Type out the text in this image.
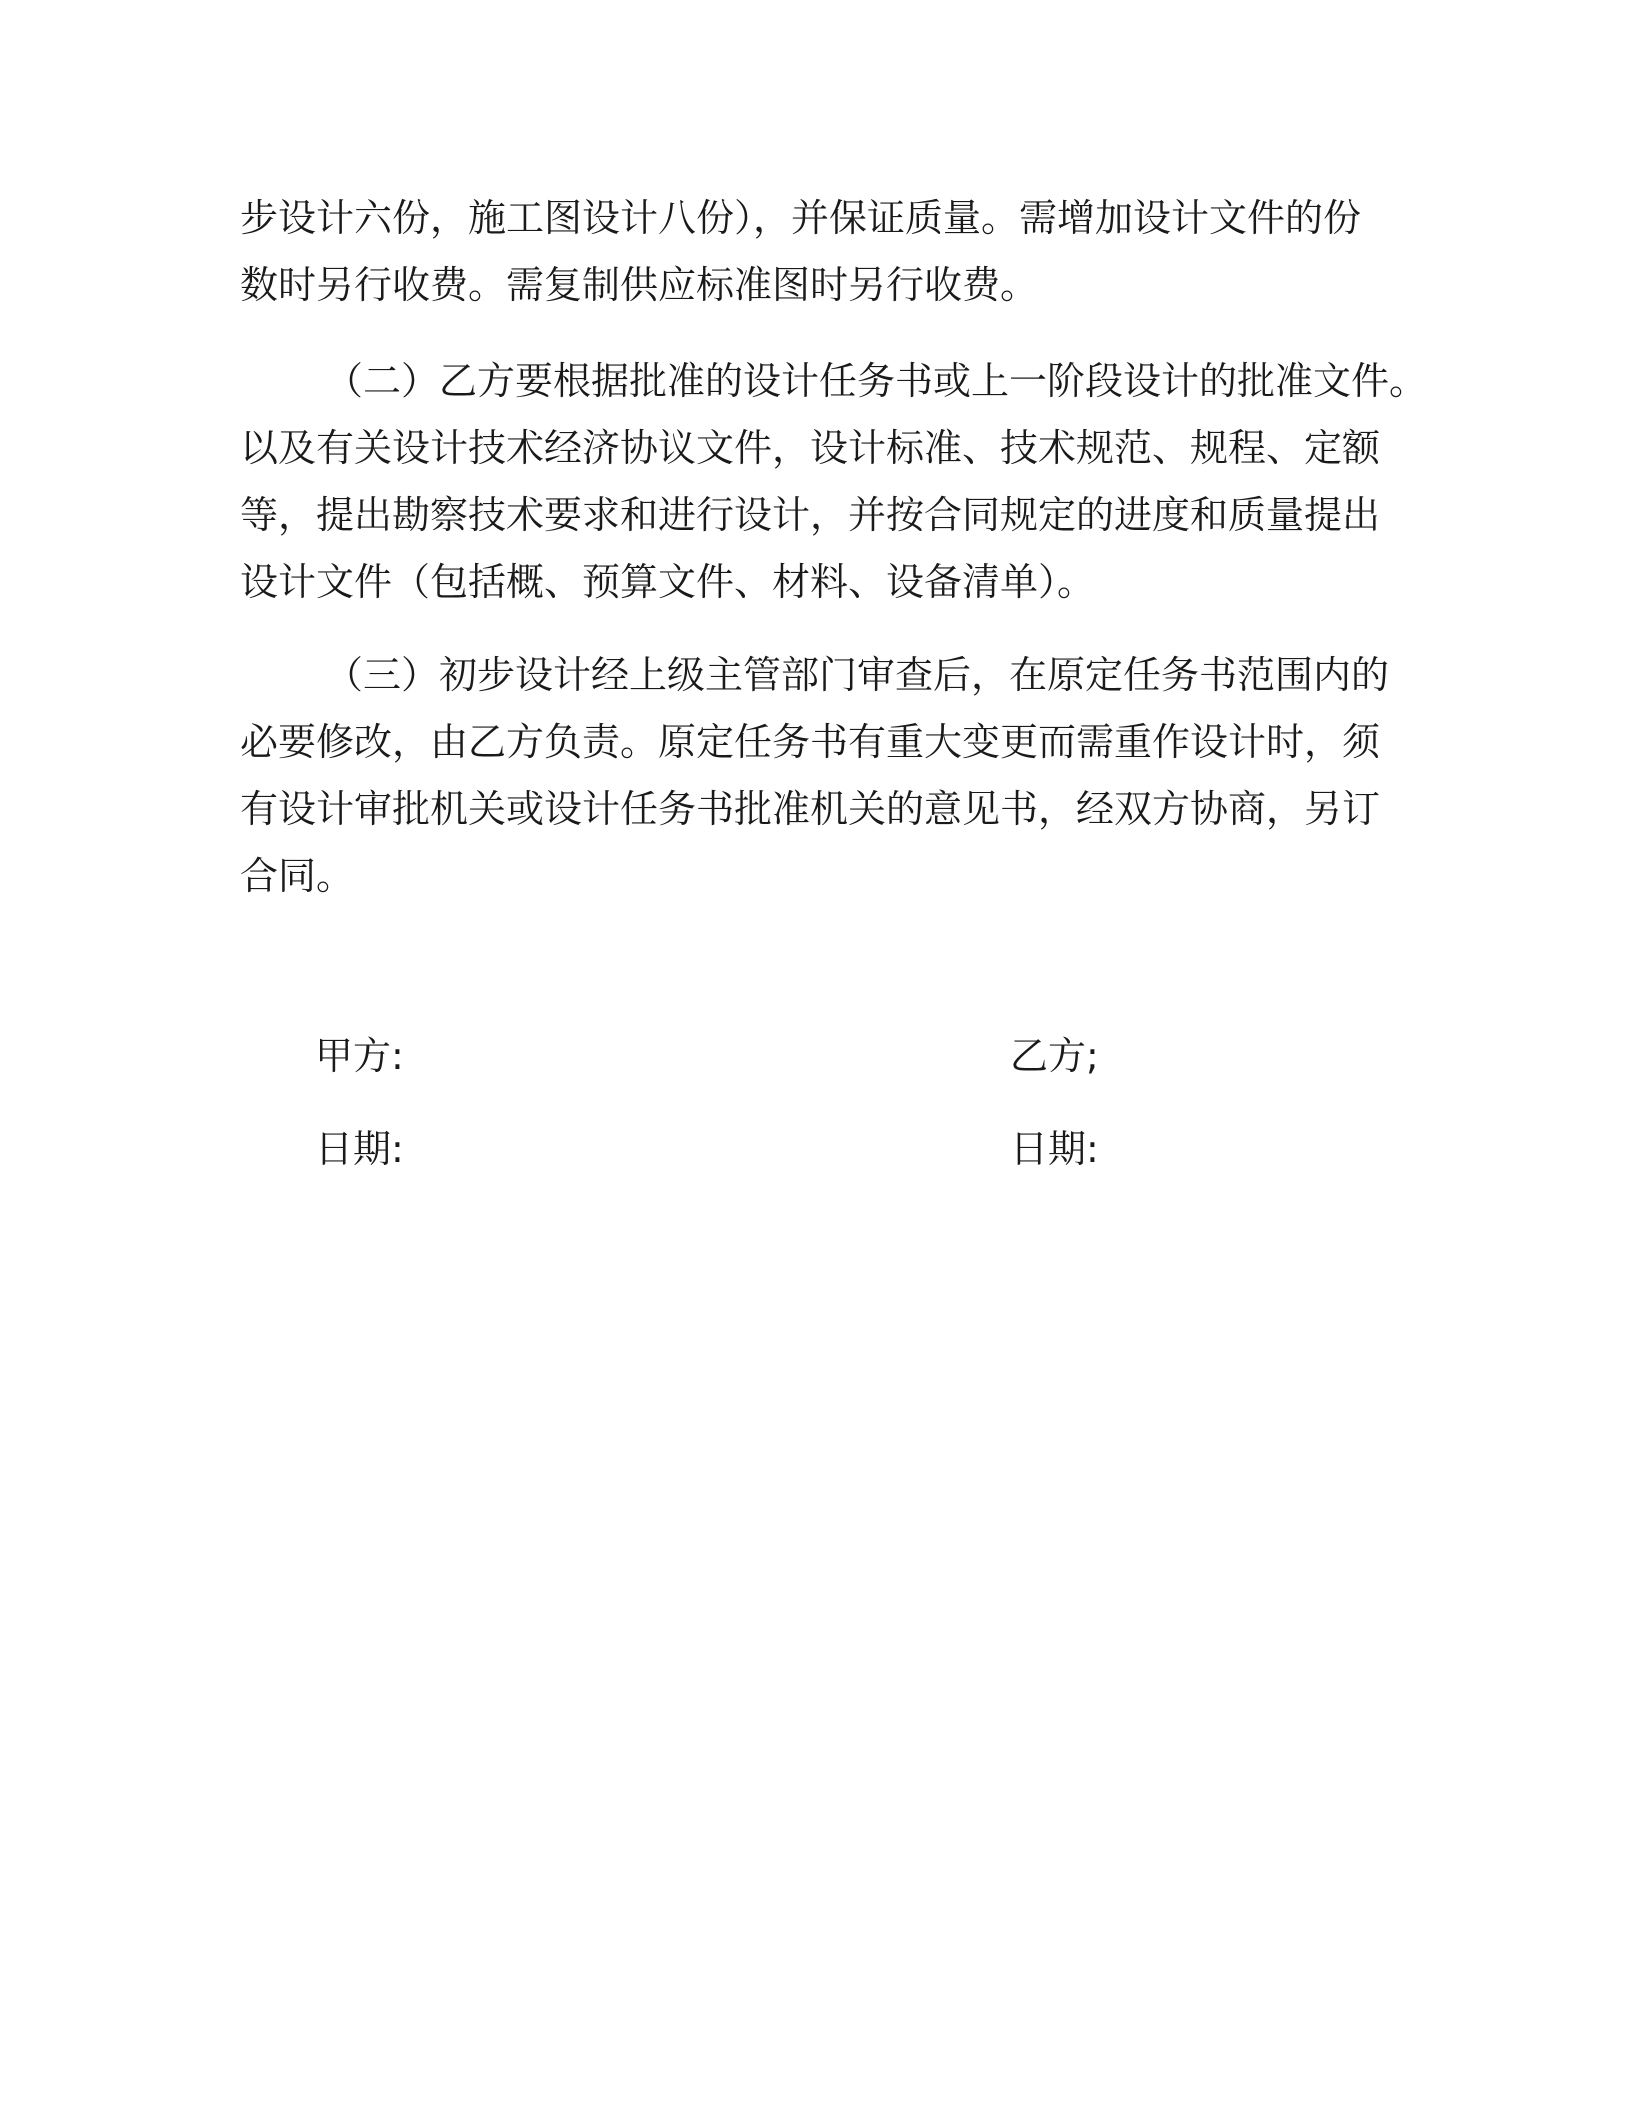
步设计六份，施工图设计八份），并保证质量。需增加设计文件的份
数时另行收费。需复制供应标准图时另行收费。

（二）乙方要根据批准的设计任务书或上一阶段设计的批准文件。
以及有关设计技术经济协议文件，设计标准、技术规范、规程、定额
等，提出勘察技术要求和进行设计，并按合同规定的进度和质量提出
设计文件（包括概、预算文件、材料、设备清单）。

（三）初步设计经上级主管部门审查后，在原定任务书范围内的
必要修改，由乙方负责。原定任务书有重大变更而需重作设计时，须
有设计审批机关或设计任务书批准机关的意见书，经双方协商，另订
合同。

甲方:	乙方;
日期:	日期:
